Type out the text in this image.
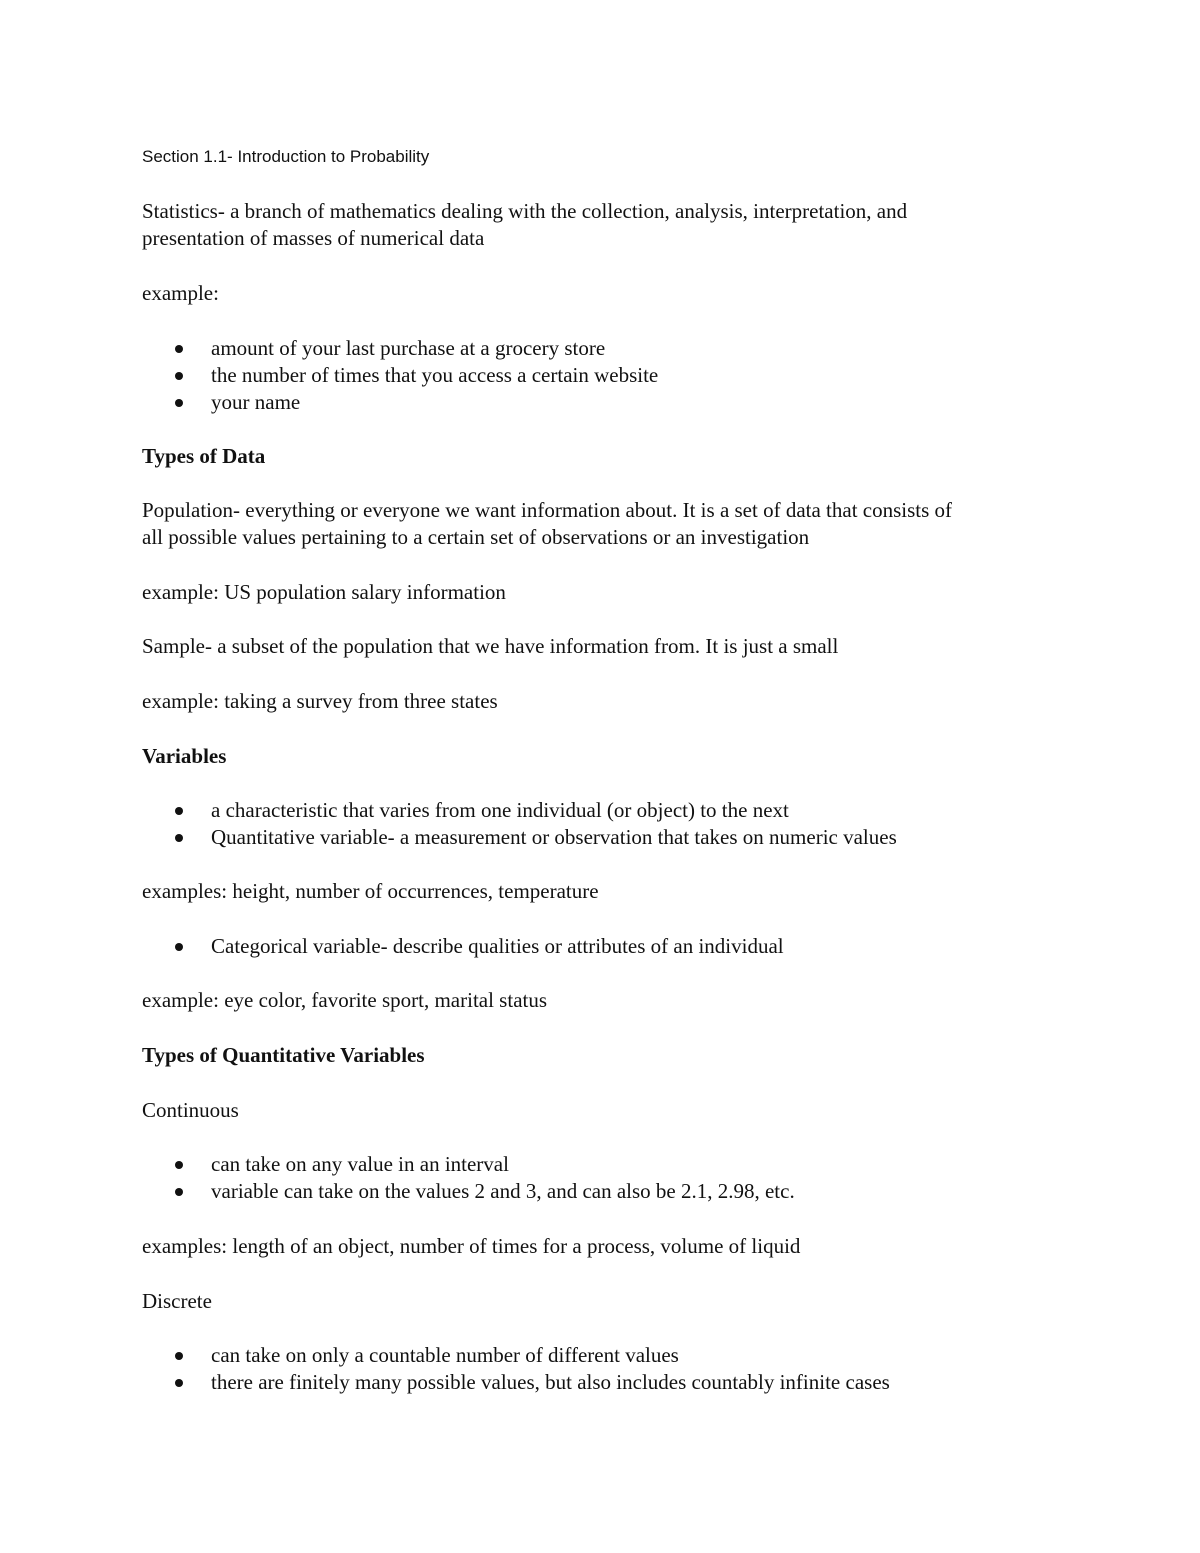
Section 1.1- Introduction to Probability
Statistics- a branch of mathematics dealing with the collection, analysis, interpretation, and
presentation of masses of numerical data
example:
amount of your last purchase at a grocery store
the number of times that you access a certain website
your name
Types of Data
Population- everything or everyone we want information about. It is a set of data that consists of
all possible values pertaining to a certain set of observations or an investigation
example: US population salary information
Sample- a subset of the population that we have information from. It is just a small
example: taking a survey from three states
Variables
a characteristic that varies from one individual (or object) to the next
Quantitative variable- a measurement or observation that takes on numeric values
examples: height, number of occurrences, temperature
Categorical variable- describe qualities or attributes of an individual
example: eye color, favorite sport, marital status
Types of Quantitative Variables
Continuous
can take on any value in an interval
variable can take on the values 2 and 3, and can also be 2.1, 2.98, etc.
examples: length of an object, number of times for a process, volume of liquid
Discrete
can take on only a countable number of different values
there are finitely many possible values, but also includes countably infinite cases
